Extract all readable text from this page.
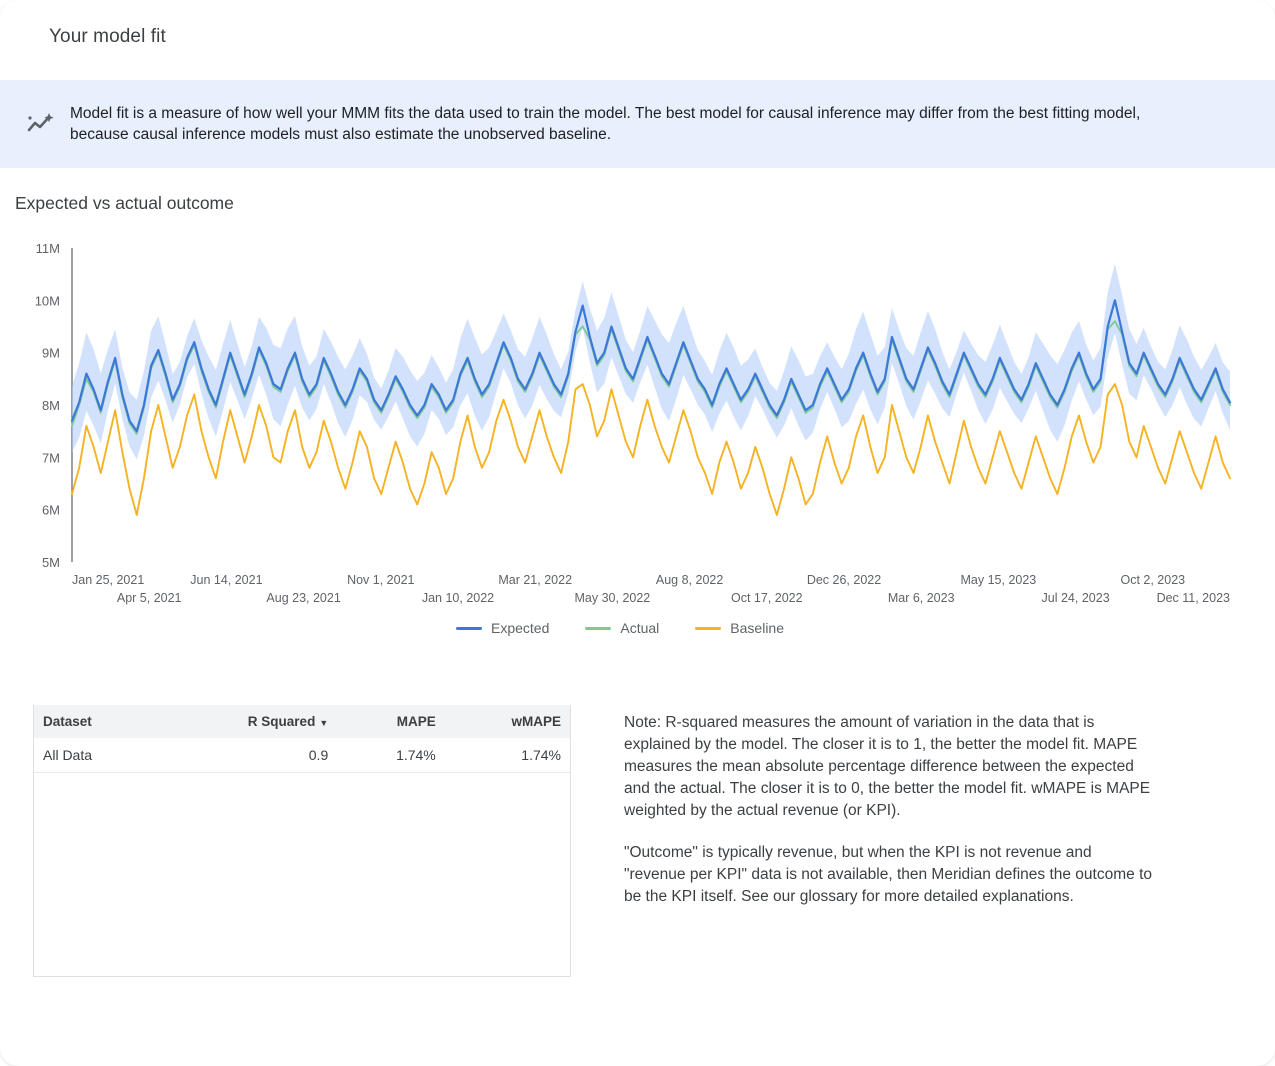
Your model fit
Model fit is a measure of how well your MMM fits the data used to train the model. The best model for causal inference may differ from the best fitting model, because causal inference models must also estimate the unobserved baseline.
Expected vs actual outcome
5M
6M
7M
8M
9M
10M
11M
Jan 25, 2021
Apr 5, 2021
Jun 14, 2021
Aug 23, 2021
Nov 1, 2021
Jan 10, 2022
Mar 21, 2022
May 30, 2022
Aug 8, 2022
Oct 17, 2022
Dec 26, 2022
Mar 6, 2023
May 15, 2023
Jul 24, 2023
Oct 2, 2023
Dec 11, 2023
Expected	Actual	Baseline
Dataset	R Squared ▼	MAPE	wMAPE
All Data	0.9	1.74%	1.74%

Note: R-squared measures the amount of variation in the data that is explained by the model. The closer it is to 1, the better the model fit. MAPE measures the mean absolute percentage difference between the expected and the actual. The closer it is to 0, the better the model fit. wMAPE is MAPE weighted by the actual revenue (or KPI).

"Outcome" is typically revenue, but when the KPI is not revenue and "revenue per KPI" data is not available, then Meridian defines the outcome to be the KPI itself. See our glossary for more detailed explanations.
